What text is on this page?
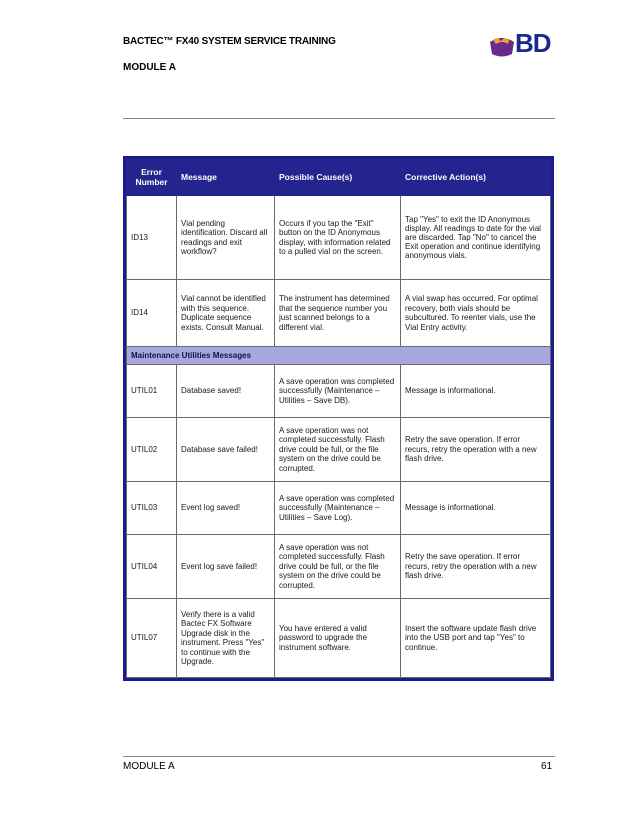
BACTEC™ FX40 SYSTEM SERVICE TRAINING
MODULE A
BD
Error Number	Message	Possible Cause(s)	Corrective Action(s)
ID13	Vial pending identification. Discard all readings and exit workflow?	Occurs if you tap the "Exit" button on the ID Anonymous display, with information related to a pulled vial on the screen.	Tap "Yes" to exit the ID Anonymous display. All readings to date for the vial are discarded. Tap "No" to cancel the Exit operation and continue identifying anonymous vials.
ID14	Vial cannot be identified with this sequence. Duplicate sequence exists. Consult Manual.	The instrument has determined that the sequence number you just scanned belongs to a different vial.	A vial swap has occurred. For optimal recovery, both vials should be subcultured. To reenter vials, use the Vial Entry activity.
Maintenance Utilities Messages			
UTIL01	Database saved!	A save operation was completed successfully (Maintenance – Utilities – Save DB).	Message is informational.
UTIL02	Database save failed!	A save operation was not completed successfully. Flash drive could be full, or the file system on the drive could be corrupted.	Retry the save operation. If error recurs, retry the operation with a new flash drive.
UTIL03	Event log saved!	A save operation was completed successfully (Maintenance – Utilities – Save Log).	Message is informational.
UTIL04	Event log save failed!	A save operation was not completed successfully. Flash drive could be full, or the file system on the drive could be corrupted.	Retry the save operation. If error recurs, retry the operation with a new flash drive.
UTIL07	Verify there is a valid Bactec FX Software Upgrade disk in the instrument. Press "Yes" to continue with the Upgrade.	You have entered a valid password to upgrade the instrument software.	Insert the software update flash drive into the USB port and tap "Yes" to continue.
MODULE A	61
